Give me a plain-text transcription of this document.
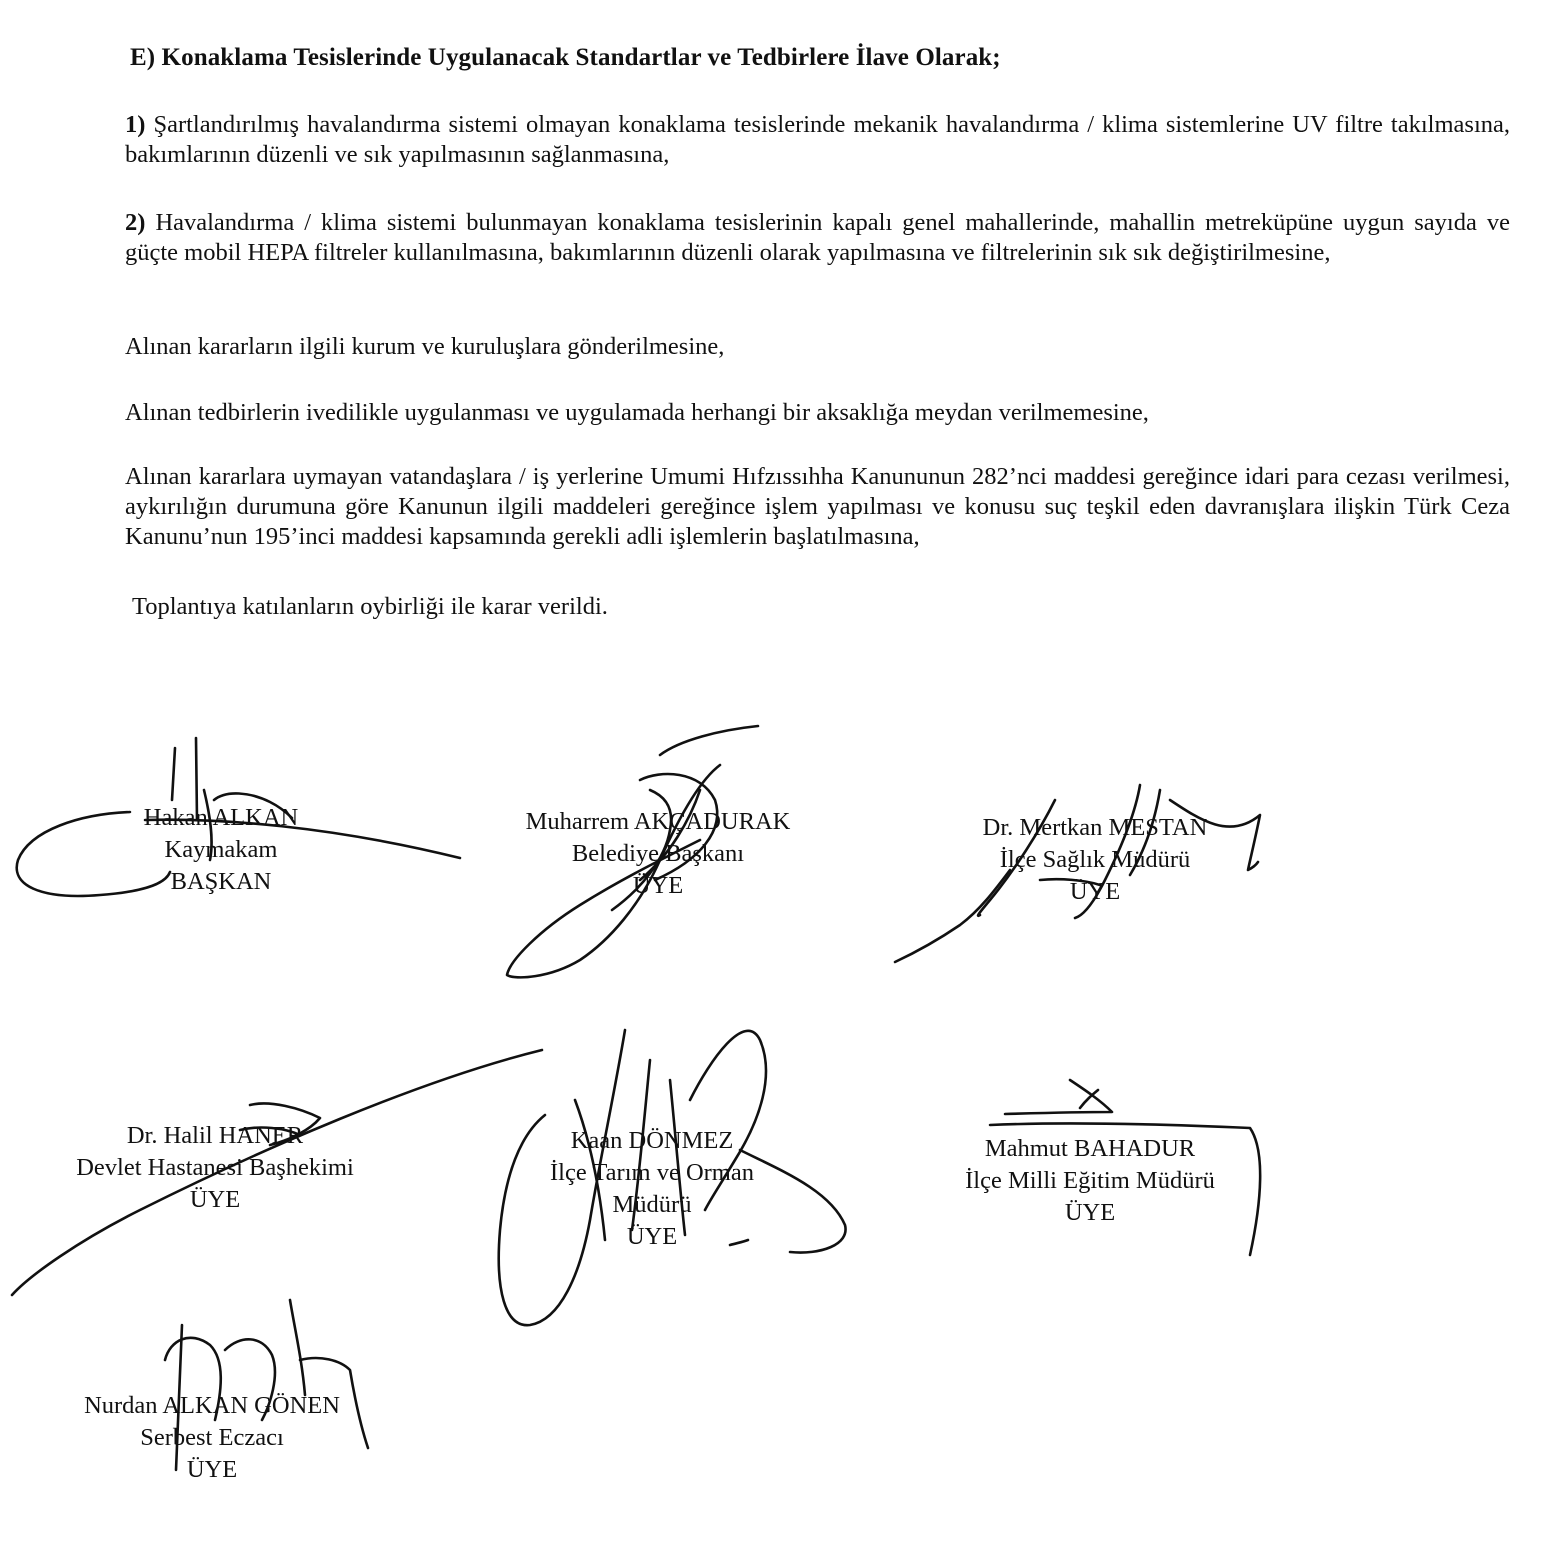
E) Konaklama Tesislerinde Uygulanacak Standartlar ve Tedbirlere İlave Olarak;
1) Şartlandırılmış havalandırma sistemi olmayan konaklama tesislerinde mekanik havalandırma / klima sistemlerine UV filtre takılmasına, bakımlarının düzenli ve sık yapılmasının sağlanmasına,
2) Havalandırma / klima sistemi bulunmayan konaklama tesislerinin kapalı genel mahallerinde, mahallin metreküpüne uygun sayıda ve güçte mobil HEPA filtreler kullanılmasına, bakımlarının düzenli olarak yapılmasına ve filtrelerinin sık sık değiştirilmesine,
Alınan kararların ilgili kurum ve kuruluşlara gönderilmesine,
Alınan tedbirlerin ivedilikle uygulanması ve uygulamada herhangi bir aksaklığa meydan verilmemesine,
Alınan kararlara uymayan vatandaşlara / iş yerlerine Umumi Hıfzıssıhha Kanununun 282’nci maddesi gereğince idari para cezası verilmesi, aykırılığın durumuna göre Kanunun ilgili maddeleri gereğince işlem yapılması ve konusu suç teşkil eden davranışlara ilişkin Türk Ceza Kanunu’nun 195’inci maddesi kapsamında gerekli adli işlemlerin başlatılmasına,
Toplantıya katılanların oybirliği ile karar verildi.
Hakan ALKAN
Kaymakam
BAŞKAN
Muharrem AKÇADURAK
Belediye Başkanı
ÜYE
Dr. Mertkan MESTAN
İlçe Sağlık Müdürü
ÜYE
Dr. Halil HANER
Devlet Hastanesi Başhekimi
ÜYE
Kaan DÖNMEZ
İlçe Tarım ve Orman
Müdürü
ÜYE
Mahmut BAHADUR
İlçe Milli Eğitim Müdürü
ÜYE
Nurdan ALKAN GÖNEN
Serbest Eczacı
ÜYE
